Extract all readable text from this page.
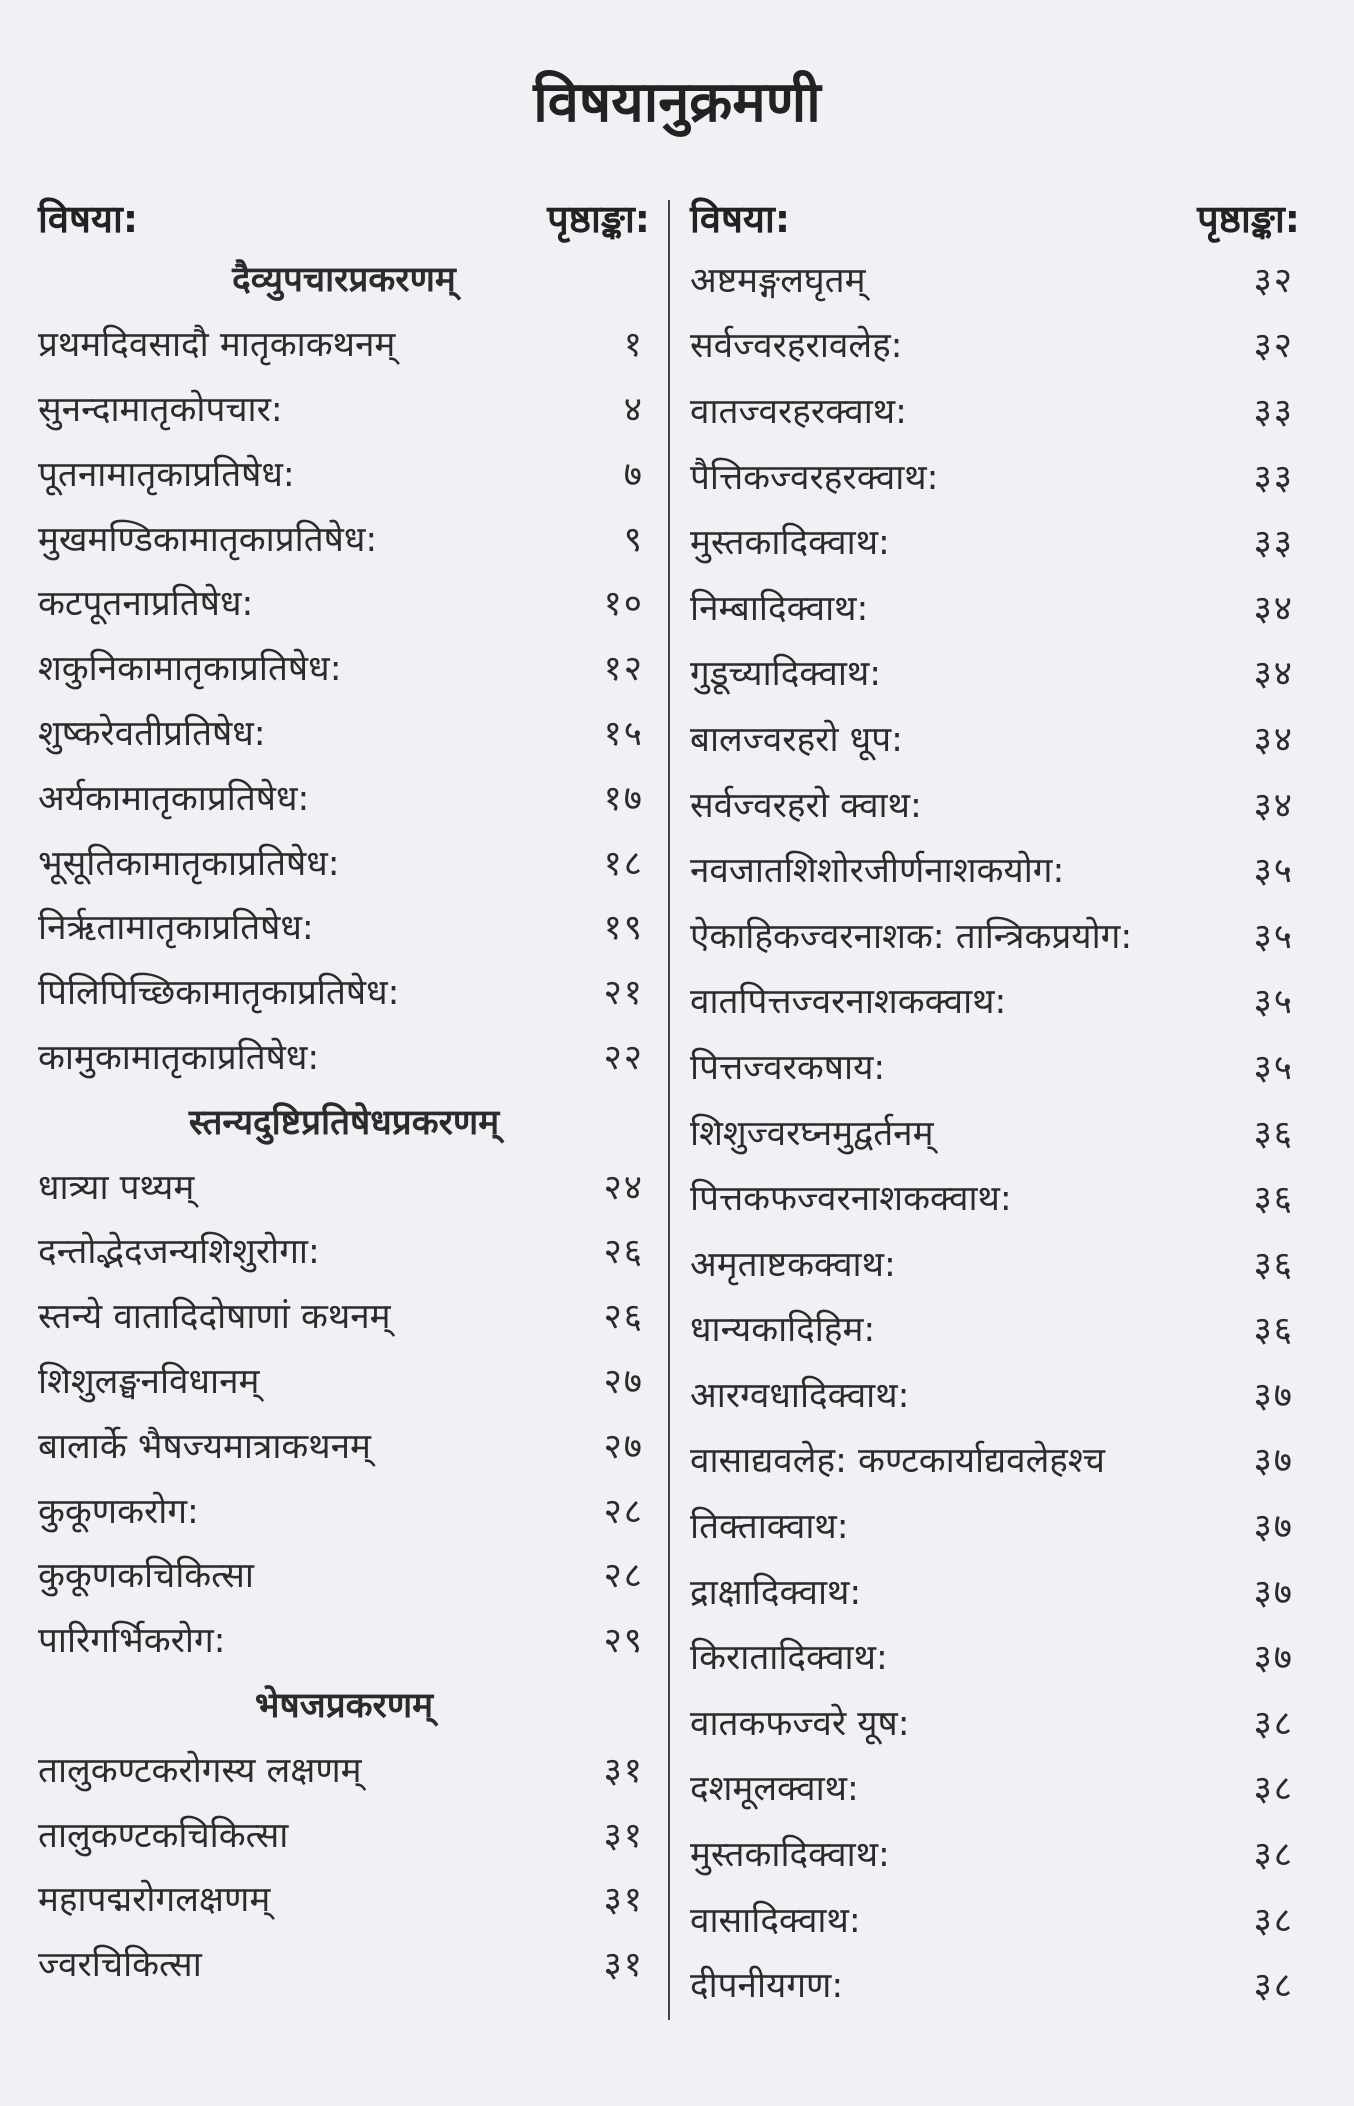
विषयानुक्रमणी
विषया:	पृष्ठाङ्का:
दैव्युपचारप्रकरणम्
प्रथमदिवसादौ मातृकाकथनम्	१
सुनन्दामातृकोपचार:	४
पूतनामातृकाप्रतिषेध:	७
मुखमण्डिकामातृकाप्रतिषेध:	९
कटपूतनाप्रतिषेध:	१०
शकुनिकामातृकाप्रतिषेध:	१२
शुष्करेवतीप्रतिषेध:	१५
अर्यकामातृकाप्रतिषेध:	१७
भूसूतिकामातृकाप्रतिषेध:	१८
निर्ऋतामातृकाप्रतिषेध:	१९
पिलिपिच्छिकामातृकाप्रतिषेध:	२१
कामुकामातृकाप्रतिषेध:	२२
स्तन्यदुष्टिप्रतिषेधप्रकरणम्
धात्र्या पथ्यम्	२४
दन्तोद्भेदजन्यशिशुरोगा:	२६
स्तन्ये वातादिदोषाणां कथनम्	२६
शिशुलङ्घनविधानम्	२७
बालार्के भैषज्यमात्राकथनम्	२७
कुकूणकरोग:	२८
कुकूणकचिकित्सा	२८
पारिगर्भिकरोग:	२९
भेषजप्रकरणम्
तालुकण्टकरोगस्य लक्षणम्	३१
तालुकण्टकचिकित्सा	३१
महापद्मरोगलक्षणम्	३१
ज्वरचिकित्सा	३१
विषया:	पृष्ठाङ्का:
अष्टमङ्गलघृतम्	३२
सर्वज्वरहरावलेह:	३२
वातज्वरहरक्वाथ:	३३
पैत्तिकज्वरहरक्वाथ:	३३
मुस्तकादिक्वाथ:	३३
निम्बादिक्वाथ:	३४
गुडूच्यादिक्वाथ:	३४
बालज्वरहरो धूप:	३४
सर्वज्वरहरो क्वाथ:	३४
नवजातशिशोरजीर्णनाशकयोग:	३५
ऐकाहिकज्वरनाशक: तान्त्रिकप्रयोग:	३५
वातपित्तज्वरनाशकक्वाथ:	३५
पित्तज्वरकषाय:	३५
शिशुज्वरघ्नमुद्वर्तनम्	३६
पित्तकफज्वरनाशकक्वाथ:	३६
अमृताष्टकक्वाथ:	३६
धान्यकादिहिम:	३६
आरग्वधादिक्वाथ:	३७
वासाद्यवलेह: कण्टकार्याद्यवलेहश्च	३७
तिक्ताक्वाथ:	३७
द्राक्षादिक्वाथ:	३७
किरातादिक्वाथ:	३७
वातकफज्वरे यूष:	३८
दशमूलक्वाथ:	३८
मुस्तकादिक्वाथ:	३८
वासादिक्वाथ:	३८
दीपनीयगण:	३८
